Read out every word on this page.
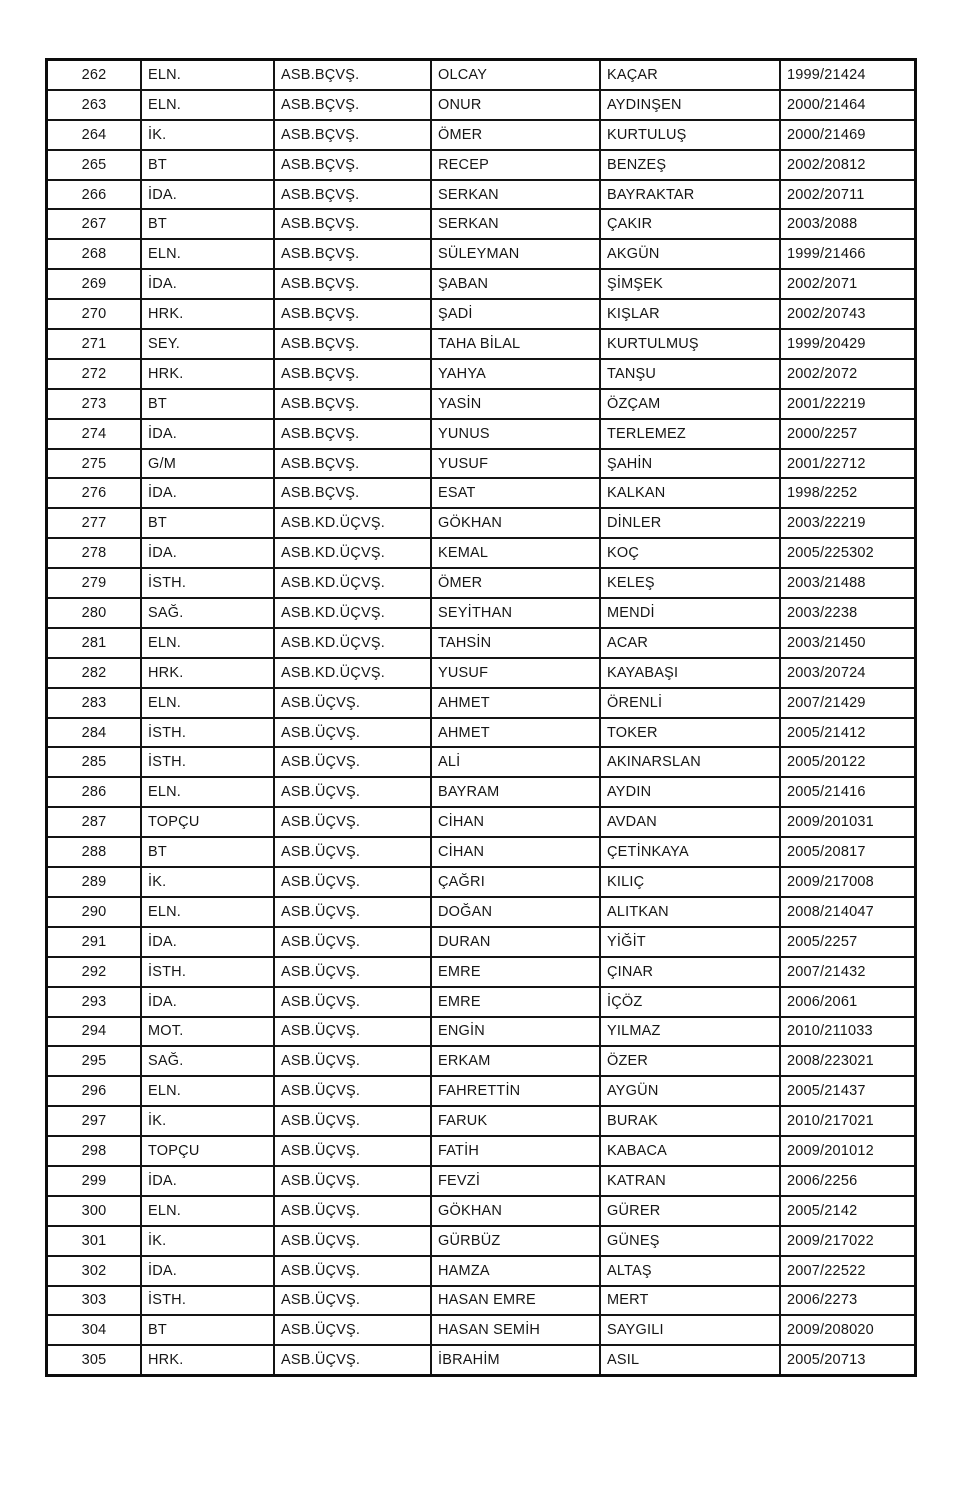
262	ELN.	ASB.BÇVŞ.	OLCAY	KAÇAR	1999/21424
263	ELN.	ASB.BÇVŞ.	ONUR	AYDINŞEN	2000/21464
264	İK.	ASB.BÇVŞ.	ÖMER	KURTULUŞ	2000/21469
265	BT	ASB.BÇVŞ.	RECEP	BENZEŞ	2002/20812
266	İDA.	ASB.BÇVŞ.	SERKAN	BAYRAKTAR	2002/20711
267	BT	ASB.BÇVŞ.	SERKAN	ÇAKIR	2003/2088
268	ELN.	ASB.BÇVŞ.	SÜLEYMAN	AKGÜN	1999/21466
269	İDA.	ASB.BÇVŞ.	ŞABAN	ŞİMŞEK	2002/2071
270	HRK.	ASB.BÇVŞ.	ŞADİ	KIŞLAR	2002/20743
271	SEY.	ASB.BÇVŞ.	TAHA BİLAL	KURTULMUŞ	1999/20429
272	HRK.	ASB.BÇVŞ.	YAHYA	TANŞU	2002/2072
273	BT	ASB.BÇVŞ.	YASİN	ÖZÇAM	2001/22219
274	İDA.	ASB.BÇVŞ.	YUNUS	TERLEMEZ	2000/2257
275	G/M	ASB.BÇVŞ.	YUSUF	ŞAHİN	2001/22712
276	İDA.	ASB.BÇVŞ.	ESAT	KALKAN	1998/2252
277	BT	ASB.KD.ÜÇVŞ.	GÖKHAN	DİNLER	2003/22219
278	İDA.	ASB.KD.ÜÇVŞ.	KEMAL	KOÇ	2005/225302
279	İSTH.	ASB.KD.ÜÇVŞ.	ÖMER	KELEŞ	2003/21488
280	SAĞ.	ASB.KD.ÜÇVŞ.	SEYİTHAN	MENDİ	2003/2238
281	ELN.	ASB.KD.ÜÇVŞ.	TAHSİN	ACAR	2003/21450
282	HRK.	ASB.KD.ÜÇVŞ.	YUSUF	KAYABAŞI	2003/20724
283	ELN.	ASB.ÜÇVŞ.	AHMET	ÖRENLİ	2007/21429
284	İSTH.	ASB.ÜÇVŞ.	AHMET	TOKER	2005/21412
285	İSTH.	ASB.ÜÇVŞ.	ALİ	AKINARSLAN	2005/20122
286	ELN.	ASB.ÜÇVŞ.	BAYRAM	AYDIN	2005/21416
287	TOPÇU	ASB.ÜÇVŞ.	CİHAN	AVDAN	2009/201031
288	BT	ASB.ÜÇVŞ.	CİHAN	ÇETİNKAYA	2005/20817
289	İK.	ASB.ÜÇVŞ.	ÇAĞRI	KILIÇ	2009/217008
290	ELN.	ASB.ÜÇVŞ.	DOĞAN	ALITKAN	2008/214047
291	İDA.	ASB.ÜÇVŞ.	DURAN	YİĞİT	2005/2257
292	İSTH.	ASB.ÜÇVŞ.	EMRE	ÇINAR	2007/21432
293	İDA.	ASB.ÜÇVŞ.	EMRE	İÇÖZ	2006/2061
294	MOT.	ASB.ÜÇVŞ.	ENGİN	YILMAZ	2010/211033
295	SAĞ.	ASB.ÜÇVŞ.	ERKAM	ÖZER	2008/223021
296	ELN.	ASB.ÜÇVŞ.	FAHRETTİN	AYGÜN	2005/21437
297	İK.	ASB.ÜÇVŞ.	FARUK	BURAK	2010/217021
298	TOPÇU	ASB.ÜÇVŞ.	FATİH	KABACA	2009/201012
299	İDA.	ASB.ÜÇVŞ.	FEVZİ	KATRAN	2006/2256
300	ELN.	ASB.ÜÇVŞ.	GÖKHAN	GÜRER	2005/2142
301	İK.	ASB.ÜÇVŞ.	GÜRBÜZ	GÜNEŞ	2009/217022
302	İDA.	ASB.ÜÇVŞ.	HAMZA	ALTAŞ	2007/22522
303	İSTH.	ASB.ÜÇVŞ.	HASAN EMRE	MERT	2006/2273
304	BT	ASB.ÜÇVŞ.	HASAN SEMİH	SAYGILI	2009/208020
305	HRK.	ASB.ÜÇVŞ.	İBRAHİM	ASIL	2005/20713
